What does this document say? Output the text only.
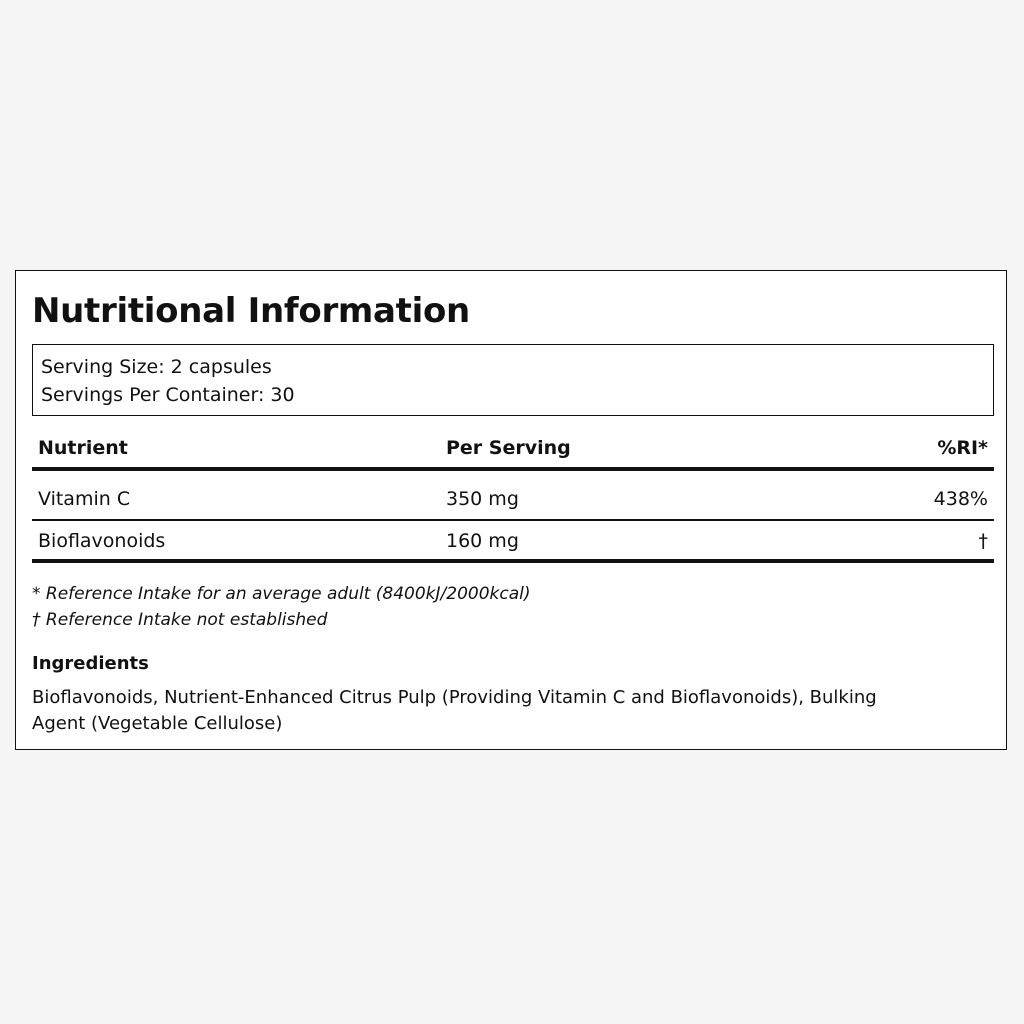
Nutritional Information
Serving Size: 2 capsules
Servings Per Container: 30
Nutrient	Per Serving	%RI*
Vitamin C	350 mg	438%
Bioflavonoids	160 mg	†
* Reference Intake for an average adult (8400kJ/2000kcal)
† Reference Intake not established
Ingredients

Bioflavonoids, Nutrient-Enhanced Citrus Pulp (Providing Vitamin C and Bioflavonoids), Bulking Agent (Vegetable Cellulose)
